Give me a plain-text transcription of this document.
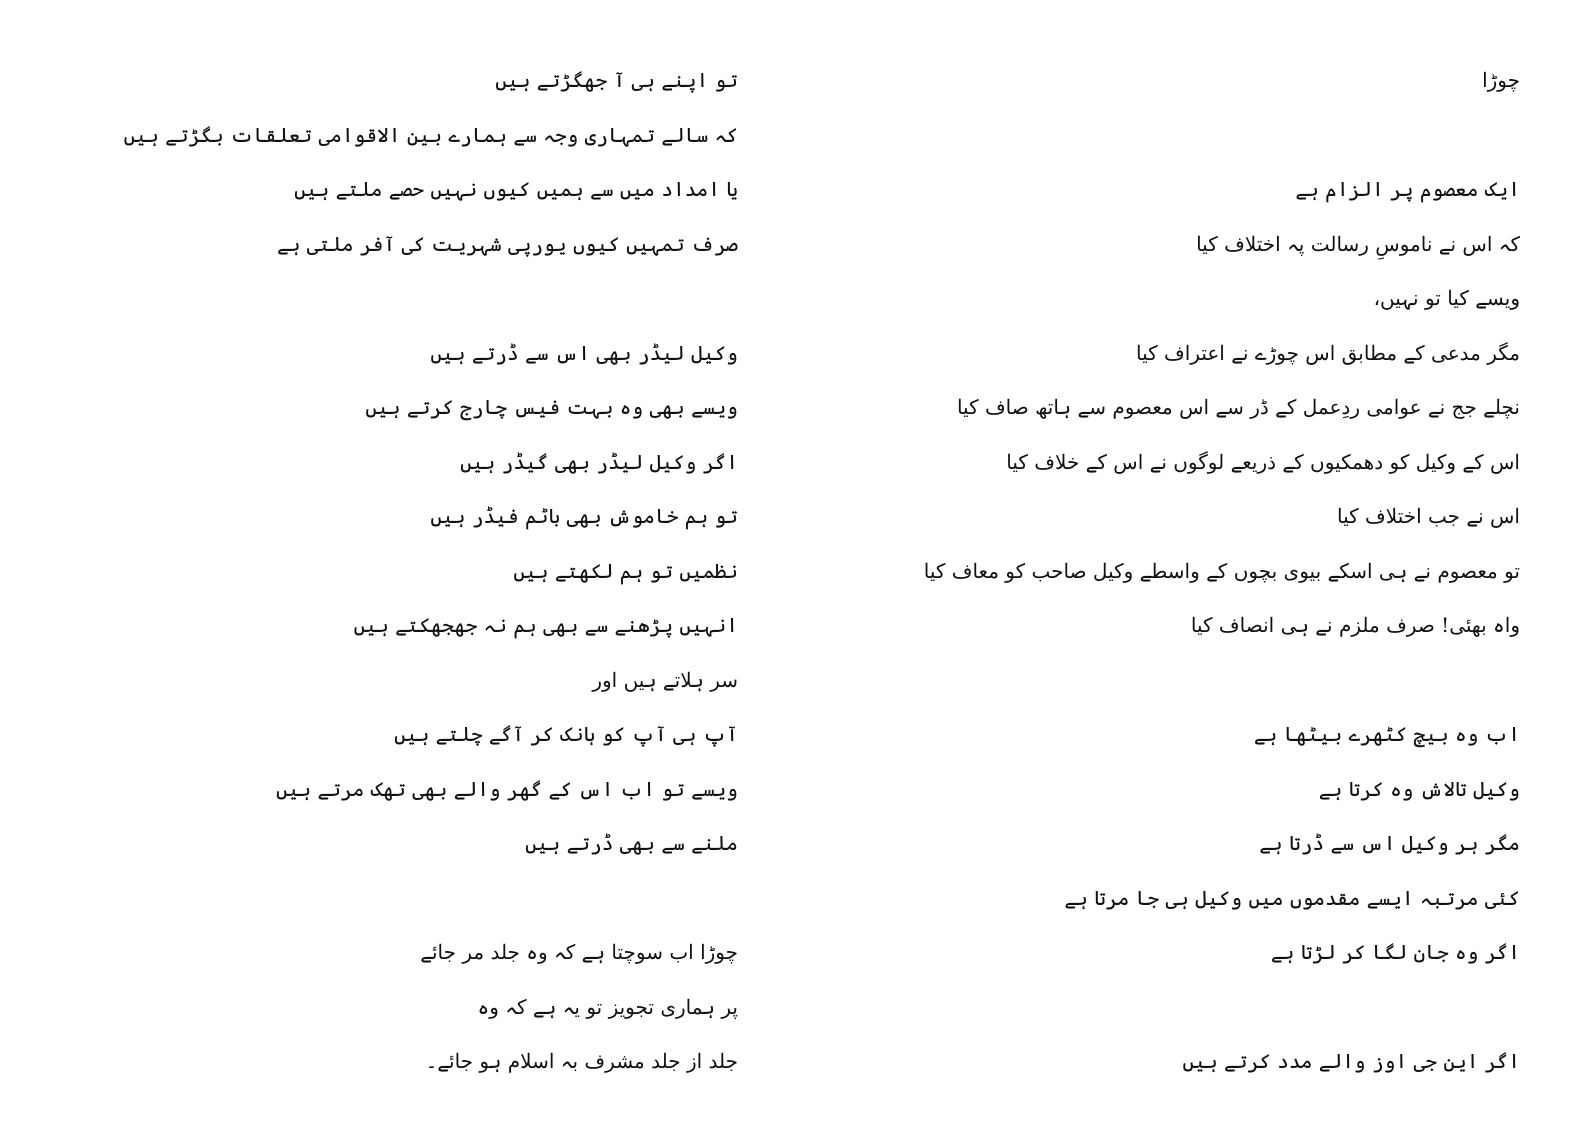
چوڑا
ایک معصوم پر الزام ہے
کہ اس نے ناموسِ رسالت پہ اختلاف کیا
ویسے کیا تو نہیں،
مگر مدعی کے مطابق اس چوڑے نے اعتراف کیا
نچلے جج نے عوامی ردِعمل کے ڈر سے اس معصوم سے ہاتھ صاف کیا
اس کے وکیل کو دھمکیوں کے ذریعے لوگوں نے اس کے خلاف کیا
اس نے جب اختلاف کیا
تو معصوم نے ہی اسکے بیوی بچوں کے واسطے وکیل صاحب کو معاف کیا
واہ بھئی! صرف ملزم نے ہی انصاف کیا
اب وہ بیچ کٹھرے بیٹھا ہے
وکیل تالاش وہ کرتا ہے
مگر ہر وکیل اس سے ڈرتا ہے
کئی مرتبہ ایسے مقدموں میں وکیل ہی جا مرتا ہے
اگر وہ جان لگا کر لڑتا ہے
اگر این جی اوز والے مدد کرتے ہیں
تو اپنے ہی آ جھگڑتے ہیں
کہ سالے تمہاری وجہ سے ہمارے بین الاقوامی تعلقات بگڑتے ہیں
یا امداد میں سے ہمیں کیوں نہیں حصے ملتے ہیں
صرف تمہیں کیوں یورپی شہریت کی آفر ملتی ہے
وکیل لیڈر بھی اس سے ڈرتے ہیں
ویسے بھی وہ بہت فیس چارج کرتے ہیں
اگر وکیل لیڈر بھی گیڈر ہیں
تو ہم خاموش بھی باٹم فیڈر ہیں
نظمیں تو ہم لکھتے ہیں
انہیں پڑھنے سے بھی ہم نہ جھجھکتے ہیں
سر ہلاتے ہیں اور
آپ ہی آپ کو ہانک کر آگے چلتے ہیں
ویسے تو اب اس کے گھر والے بھی تھک مرتے ہیں
ملنے سے بھی ڈرتے ہیں
چوڑا اب سوچتا ہے کہ وہ جلد مر جائے
پر ہماری تجویز تو یہ ہے کہ وہ
جلد از جلد مشرف بہ اسلام ہو جائے۔
